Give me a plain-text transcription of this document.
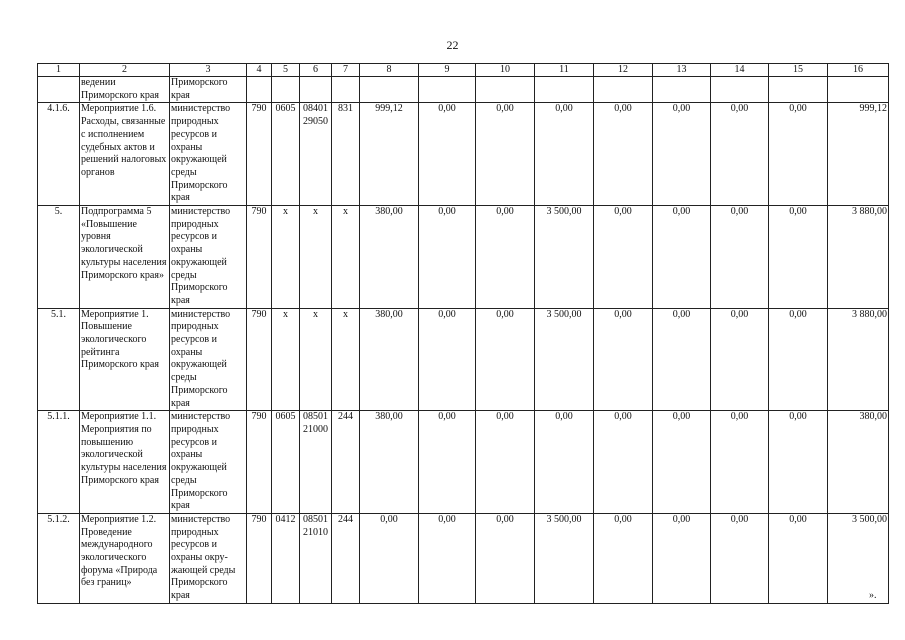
22
1	2	3	4	5	6	7	8	9	10	11	12	13	14	15	16
	ведении Приморского края	Приморского края													
4.1.6.	Мероприятие 1.6. Расходы, связанные с исполнением судебных актов и решений налоговых органов	министерство природных ресурсов и охраны окружающей среды Приморского края	790	0605	08401 29050	831	999,12	0,00	0,00	0,00	0,00	0,00	0,00	0,00	999,12
5.	Подпрограмма 5 «Повышение уровня экологической культуры населения Приморского края»	министерство природных ресурсов и охраны окружающей среды Приморского края	790	х	х	х	380,00	0,00	0,00	3 500,00	0,00	0,00	0,00	0,00	3 880,00
5.1.	Мероприятие 1. Повышение экологического рейтинга Приморского края	министерство природных ресурсов и охраны окружающей среды Приморского края	790	х	х	х	380,00	0,00	0,00	3 500,00	0,00	0,00	0,00	0,00	3 880,00
5.1.1.	Мероприятие 1.1. Мероприятия по повышению экологической культуры населения Приморского края	министерство природных ресурсов и охраны окружающей среды Приморского края	790	0605	08501 21000	244	380,00	0,00	0,00	0,00	0,00	0,00	0,00	0,00	380,00
5.1.2.	Мероприятие 1.2. Проведение международного экологического форума «Природа без границ»	министерство природных ресурсов и охраны окру-жающей среды Приморского края	790	0412	08501 21010	244	0,00	0,00	0,00	3 500,00	0,00	0,00	0,00	0,00	3 500,00
».
